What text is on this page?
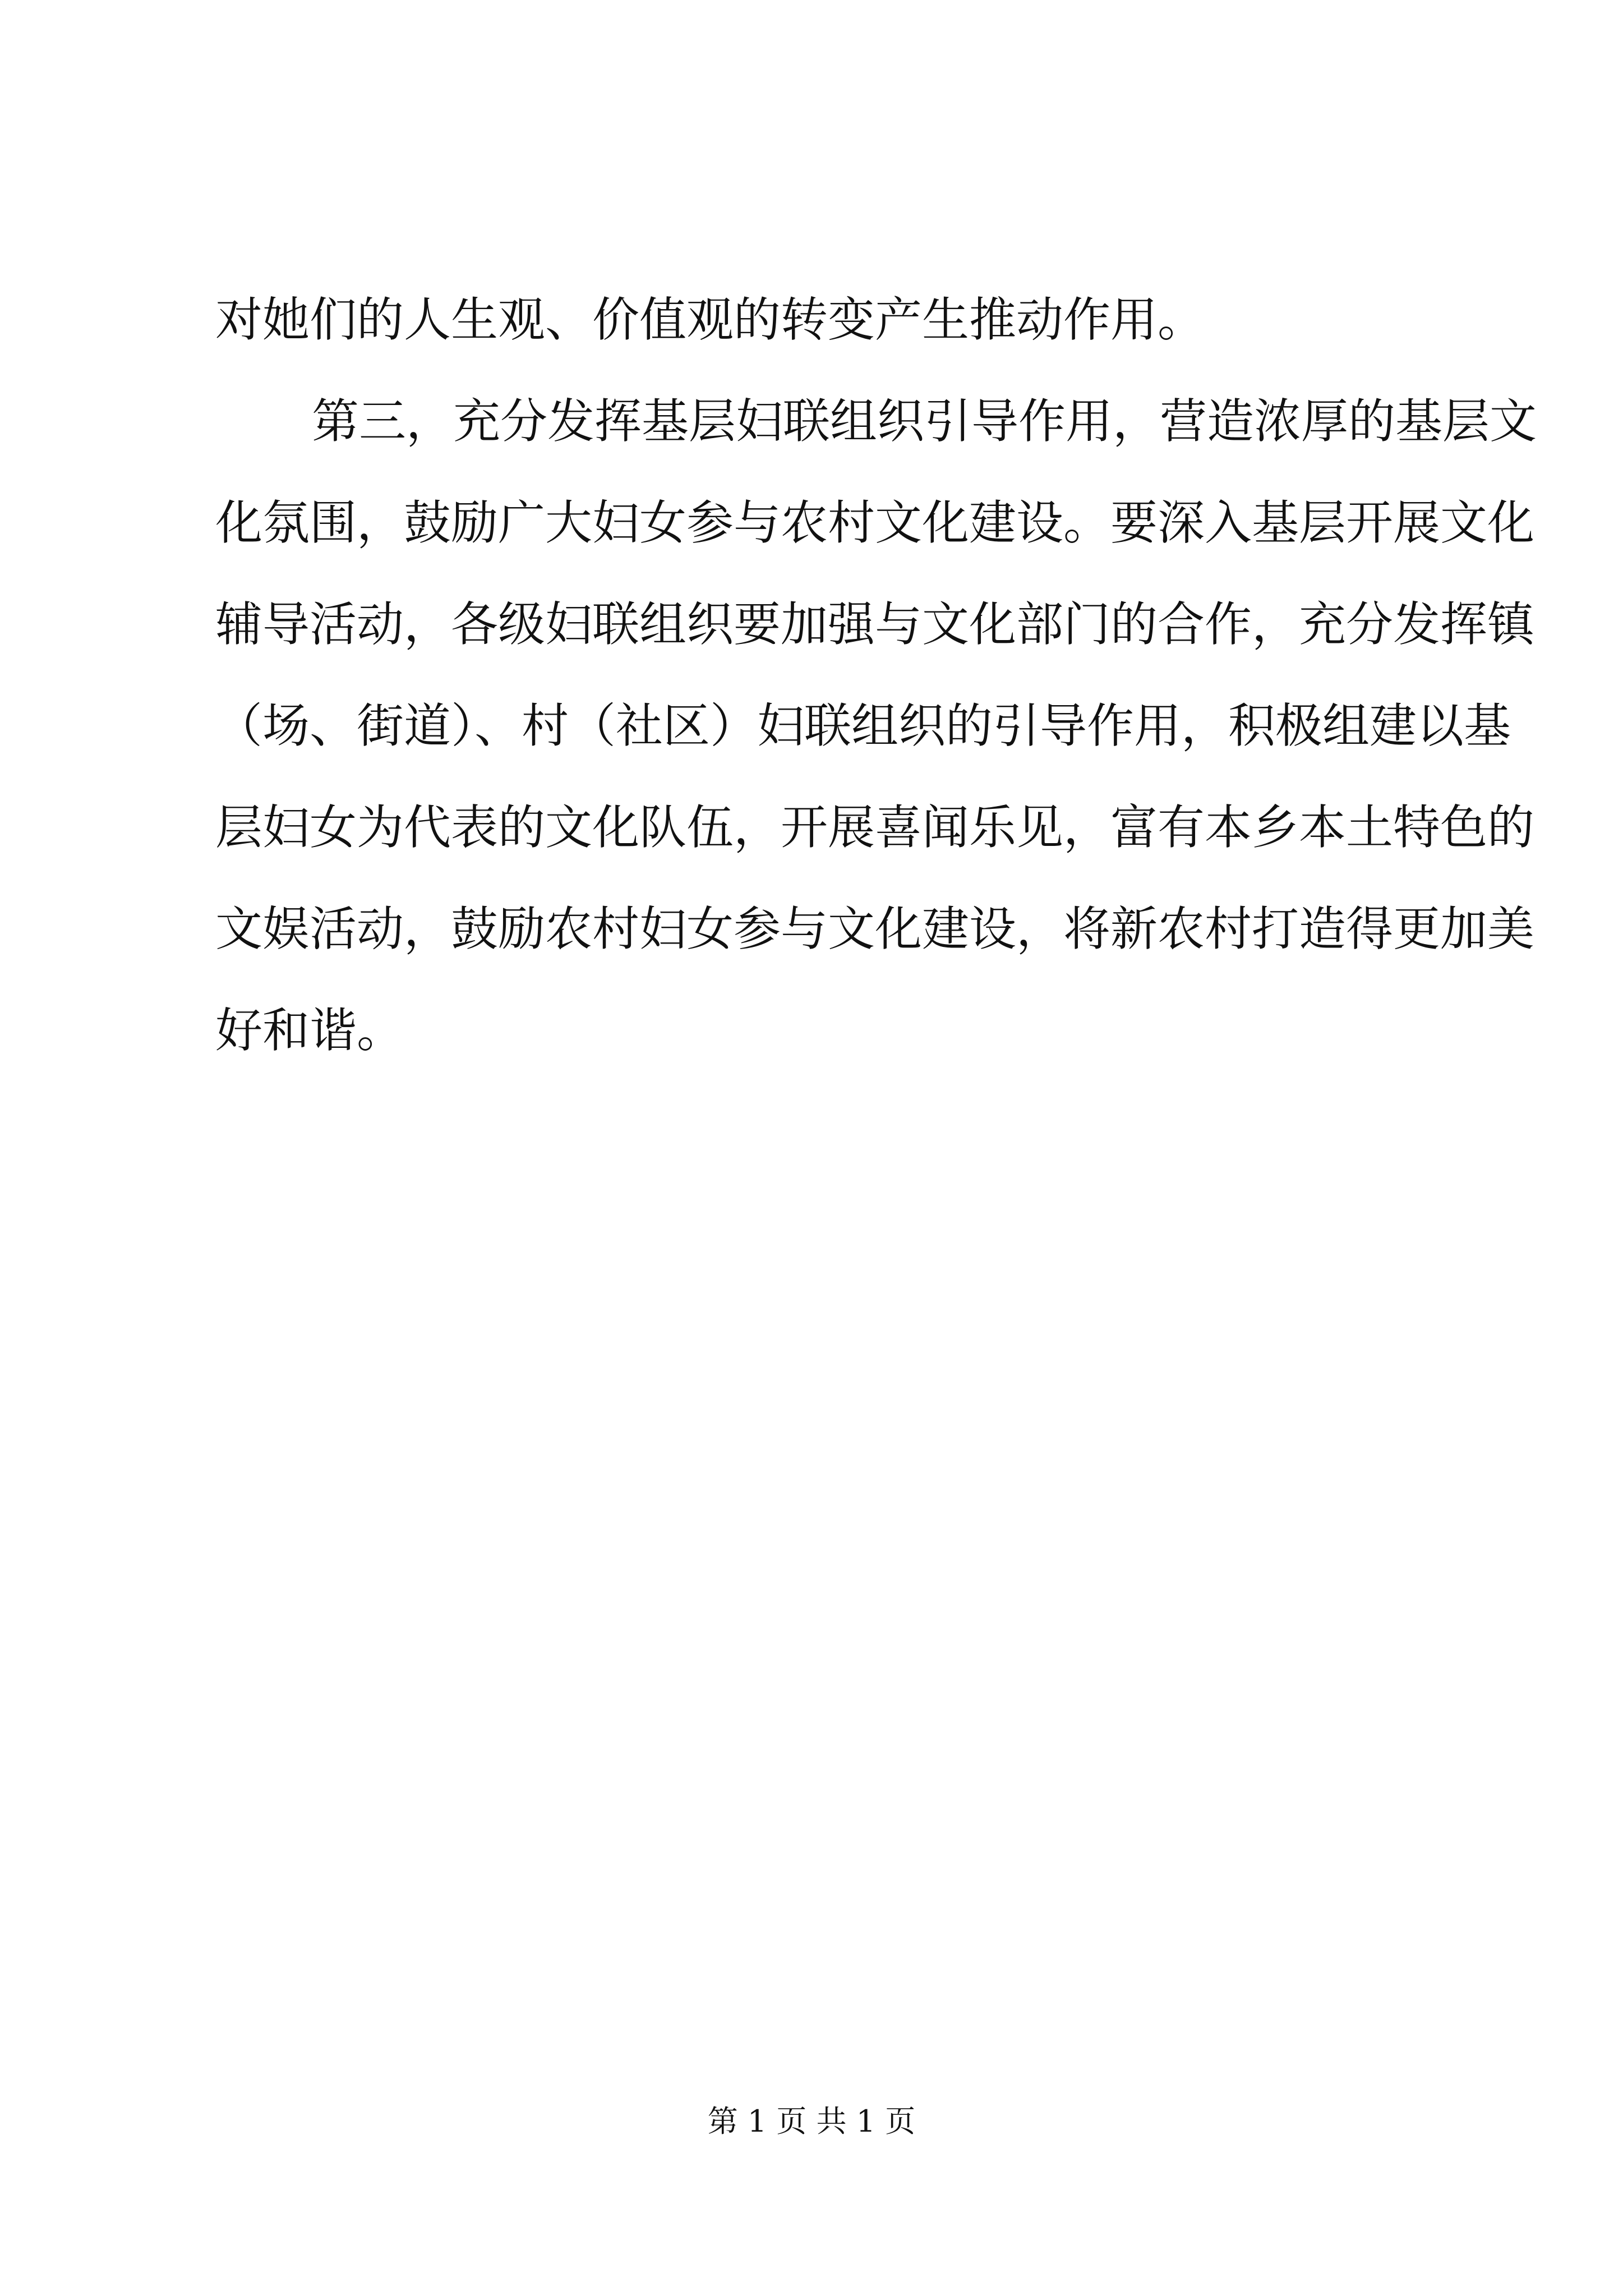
对她们的人生观、价值观的转变产生推动作用。
第三，充分发挥基层妇联组织引导作用，营造浓厚的基层文
化氛围，鼓励广大妇女参与农村文化建设。要深入基层开展文化
辅导活动，各级妇联组织要加强与文化部门的合作，充分发挥镇
（场、街道）、村（社区）妇联组织的引导作用，积极组建以基
层妇女为代表的文化队伍，开展喜闻乐见，富有本乡本土特色的
文娱活动，鼓励农村妇女参与文化建设，将新农村打造得更加美
好和谐。
第 1 页 共 1 页
